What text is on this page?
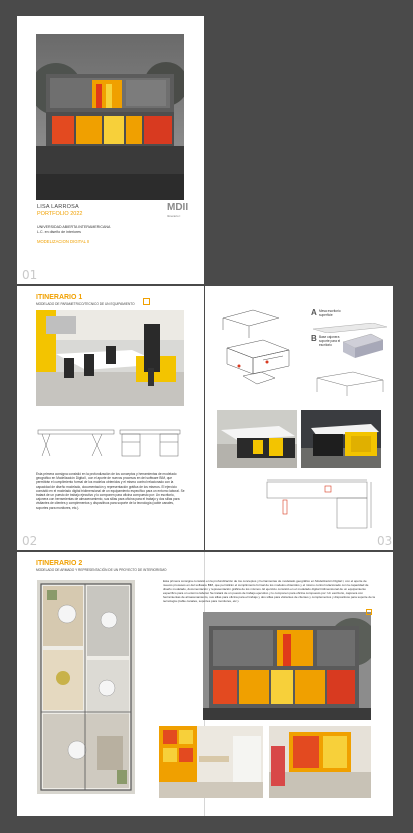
LISA LARROSA
PORTFOLIO 2022
MDII
Itinerario I
UNIVERSIDAD ABIERTA INTERAMERICANA
L.C. en diseño de interiores
MODELIZACION DIGITAL II
01
ITINERARIO 1
MODELADO DE PARAMETRICO/TECNICO DE UN EQUIPAMIENTO
Esta primera consigna consistió en la profundización de los conceptos y herramientas de modelado geográfico en Modelización Digital I, con el aporte de nuevos procesos en del software BIM, que permitirán el cumplimiento formal de los modelos obtenidos y el mismo control relacionado con la capacidad de diseño modelado, documentación y representación gráfica de los mismos. El ejercicio consistió en el modelado digital tridimensional de un equipamiento específico para un entorno laboral. Se tratará de un puesto de trabajo ejecutivo y lo componen para oficina compuesto por: Un escritorio, cajonera con herramientas de almacenamiento, sus sillas para oficina para el trabajo y dos sillas para visitantes de clientes y complementos y dispositivos para soporte de la tecnología (cable canales, soportes para monitores, etc.).
02
A Mesa escritorio superficie
B Base cajonera soporte para el escritorio
03
ITINERARIO 2
MODELADO DE ARMADO Y REPRESENTACIÓN DE UN PROYECTO DE INTERIORISMO
Esta primera consigna consistió en la profundización de los conceptos y herramientas de modelado geográfico en Modelización Digital I, con el aporte de nuevos procesos en del software BIM, que permitirán el cumplimiento formal de los modelos obtenidos y el mismo control relacionado con la capacidad de diseño modelado, documentación y representación gráfica de los mismos. El ejercicio consistió en el modelado digital tridimensional de un equipamiento específico para un entorno laboral. Se tratará de un puesto de trabajo ejecutivo y lo componen para oficina compuesto por: Un escritorio, cajonera con herramientas de almacenamiento, sus sillas para oficina para el trabajo y dos sillas para visitantes de clientes y complementos y dispositivos para soporte de la tecnología (cable canales, soportes para monitores, etc.).
